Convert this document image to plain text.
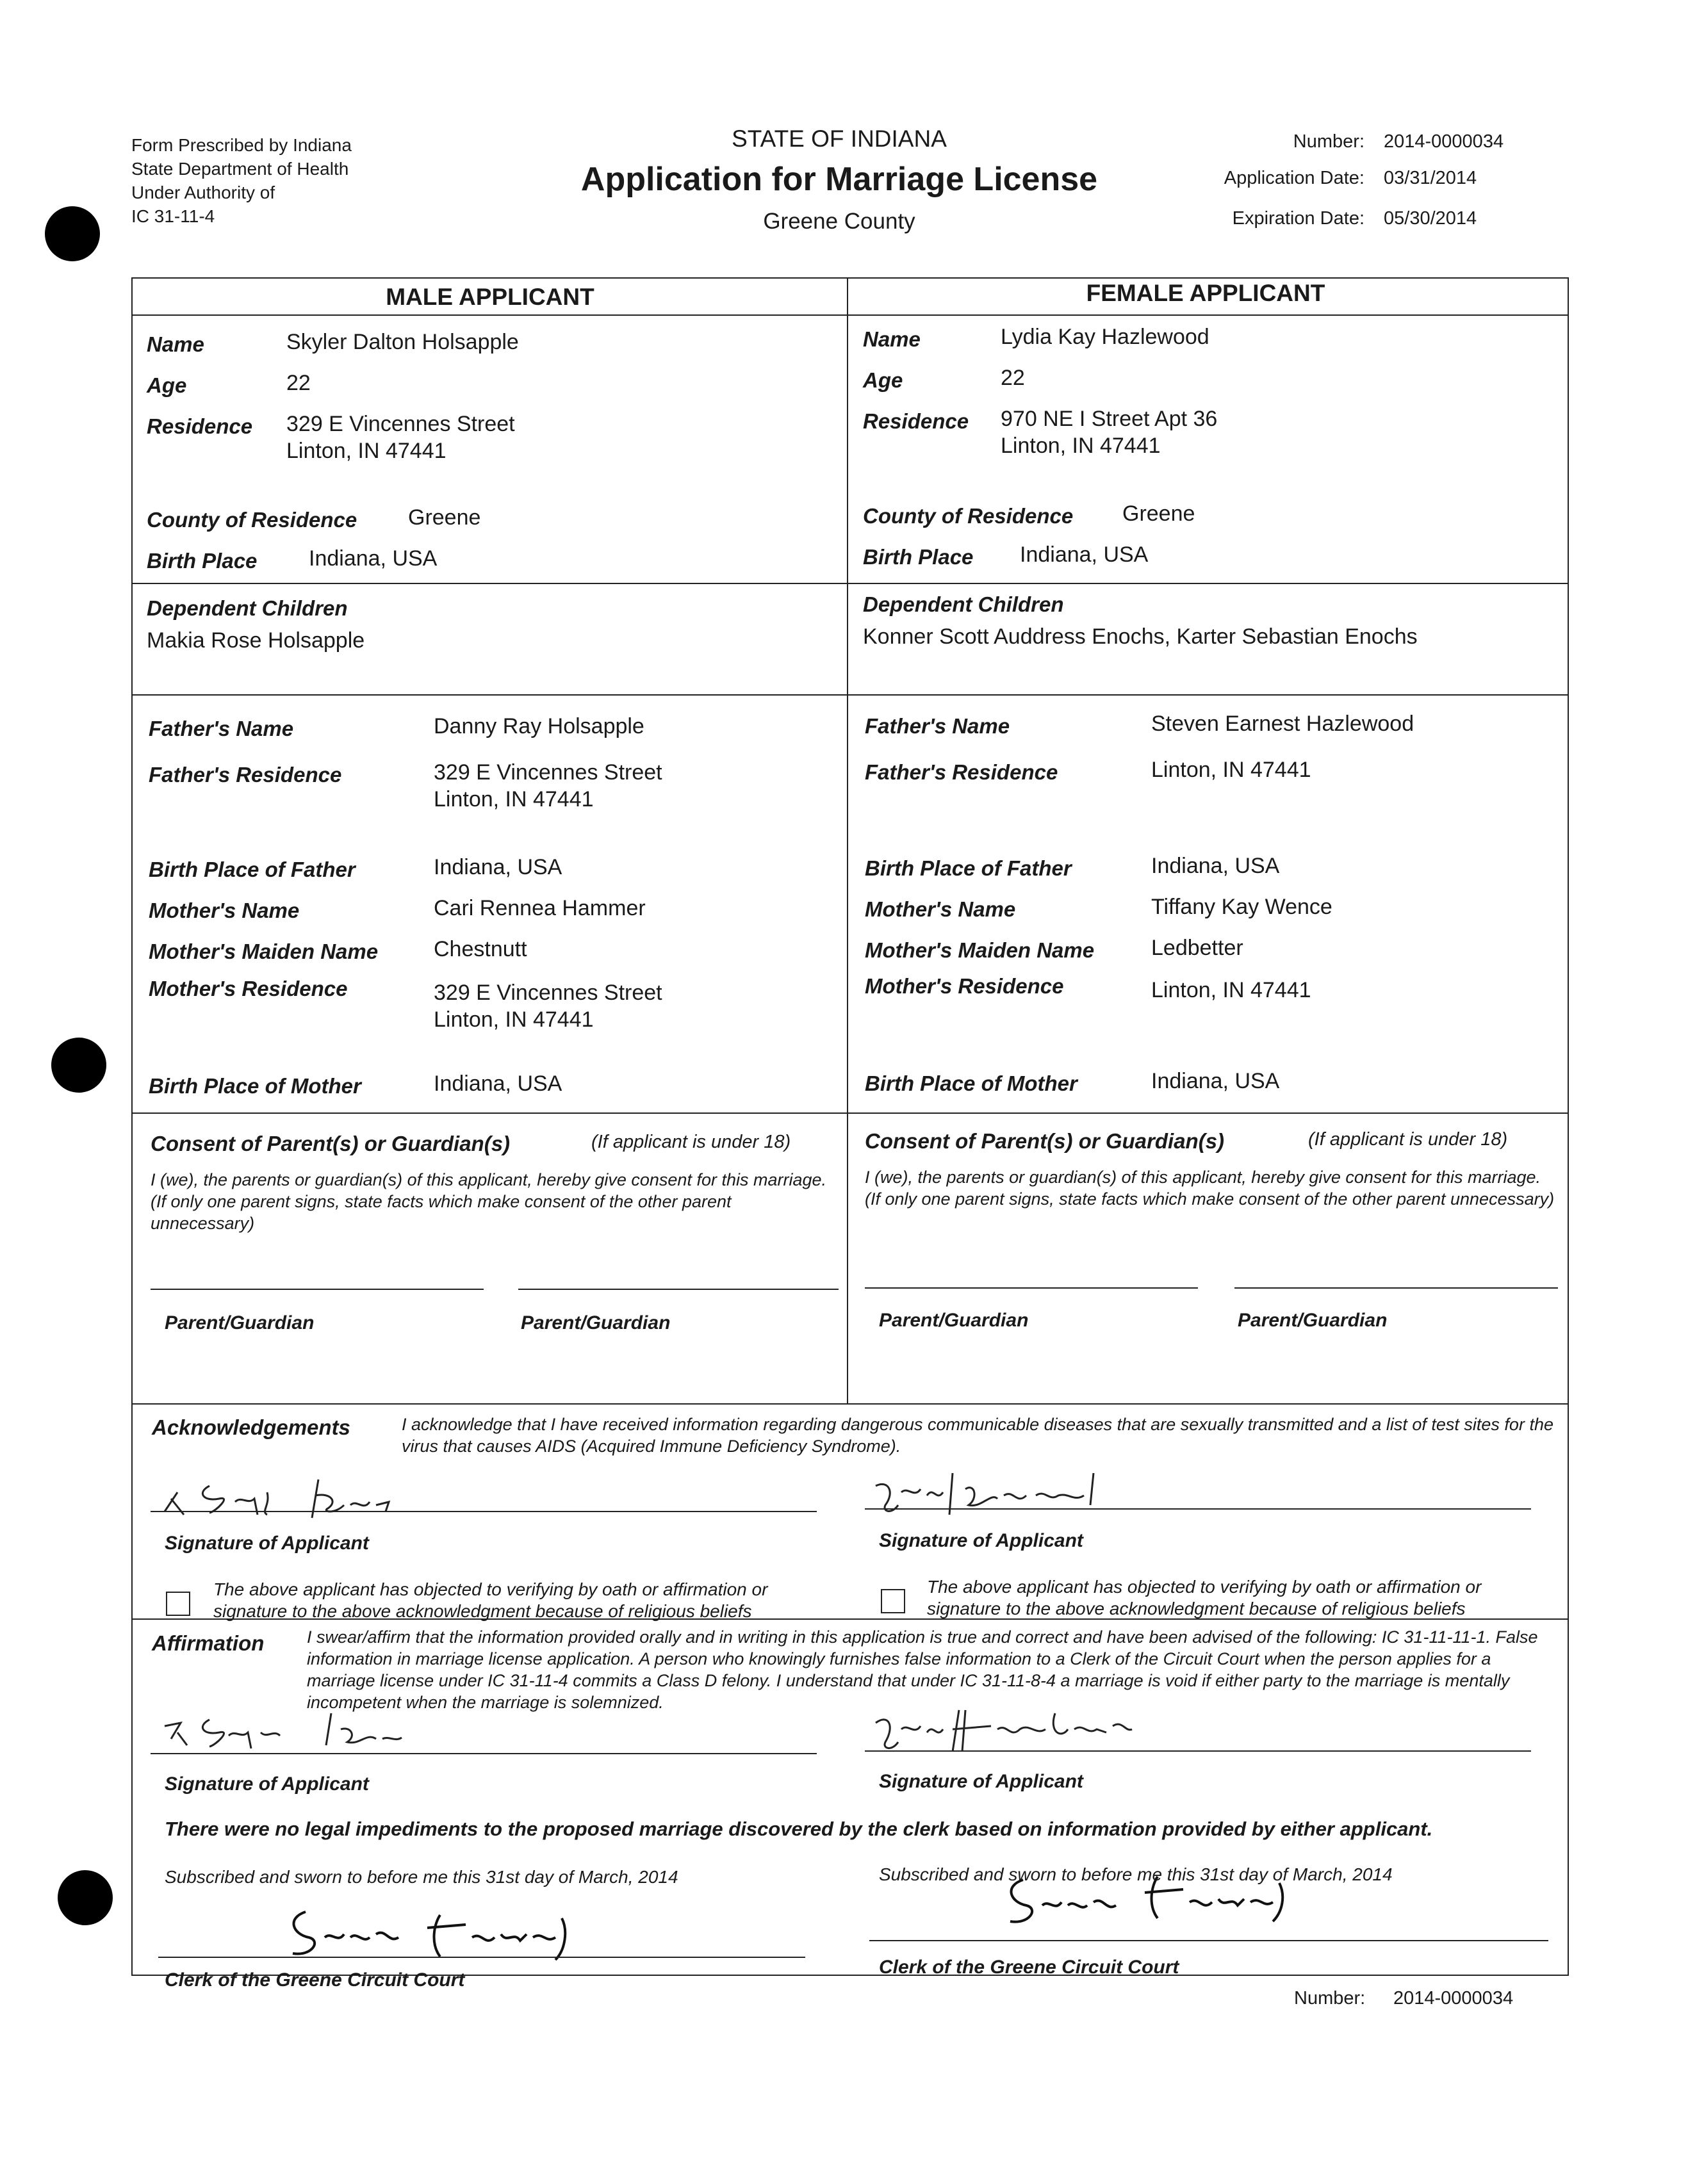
Form Prescribed by Indiana
State Department of Health
Under Authority of
IC 31-11-4
STATE OF INDIANA
Application for Marriage License
Greene County
Number: 2014-0000034
Application Date: 03/31/2014
Expiration Date: 05/30/2014
MALE APPLICANT	FEMALE APPLICANT
Name	Skyler Dalton Holsapple
Age	22
Residence 329 E Vincennes Street
Linton, IN 47441
County of Residence Greene
Birth Place Indiana, USA
Dependent Children
Makia Rose Holsapple
Father's Name	Danny Ray Holsapple
Father's Residence	329 E Vincennes Street
Linton, IN 47441
Birth Place of Father	Indiana, USA
Mother's Name	Cari Rennea Hammer
Mother's Maiden Name	Chestnutt
Mother's Residence	329 E Vincennes Street
Linton, IN 47441
Birth Place of Mother	Indiana, USA
Name	Lydia Kay Hazlewood
Age	22
Residence 970 NE I Street Apt 36
Linton, IN 47441
County of Residence Greene
Birth Place Indiana, USA
Dependent Children
Konner Scott Auddress Enochs, Karter Sebastian Enochs
Father's Name	Steven Earnest Hazlewood
Father's Residence	Linton, IN 47441
Birth Place of Father	Indiana, USA
Mother's Name	Tiffany Kay Wence
Mother's Maiden Name	Ledbetter
Mother's Residence	Linton, IN 47441
Birth Place of Mother	Indiana, USA
Consent of Parent(s) or Guardian(s)	(If applicant is under 18)
I (we), the parents or guardian(s) of this applicant, hereby give consent for this marriage. (If only one parent signs, state facts which make consent of the other parent unnecessary)
Parent/Guardian	Parent/Guardian
Consent of Parent(s) or Guardian(s)	(If applicant is under 18)
I (we), the parents or guardian(s) of this applicant, hereby give consent for this marriage. (If only one parent signs, state facts which make consent of the other parent unnecessary)
Parent/Guardian	Parent/Guardian
Acknowledgements	I acknowledge that I have received information regarding dangerous communicable diseases that are sexually transmitted and a list of test sites for the virus that causes AIDS (Acquired Immune Deficiency Syndrome).
Signature of Applicant
The above applicant has objected to verifying by oath or affirmation or signature to the above acknowledgment because of religious beliefs
Signature of Applicant
The above applicant has objected to verifying by oath or affirmation or signature to the above acknowledgment because of religious beliefs
Affirmation I swear/affirm that the information provided orally and in writing in this application is true and correct and have been advised of the following: IC 31-11-11-1. False information in marriage license application. A person who knowingly furnishes false information to a Clerk of the Circuit Court when the person applies for a marriage license under IC 31-11-4 commits a Class D felony. I understand that under IC 31-11-8-4 a marriage is void if either party to the marriage is mentally incompetent when the marriage is solemnized.
Signature of Applicant	Signature of Applicant
There were no legal impediments to the proposed marriage discovered by the clerk based on information provided by either applicant.
Subscribed and sworn to before me this 31st day of March, 2014	Subscribed and sworn to before me this 31st day of March, 2014
Clerk of the Greene Circuit Court
Clerk of the Greene Circuit Court
Number: 2014-0000034
